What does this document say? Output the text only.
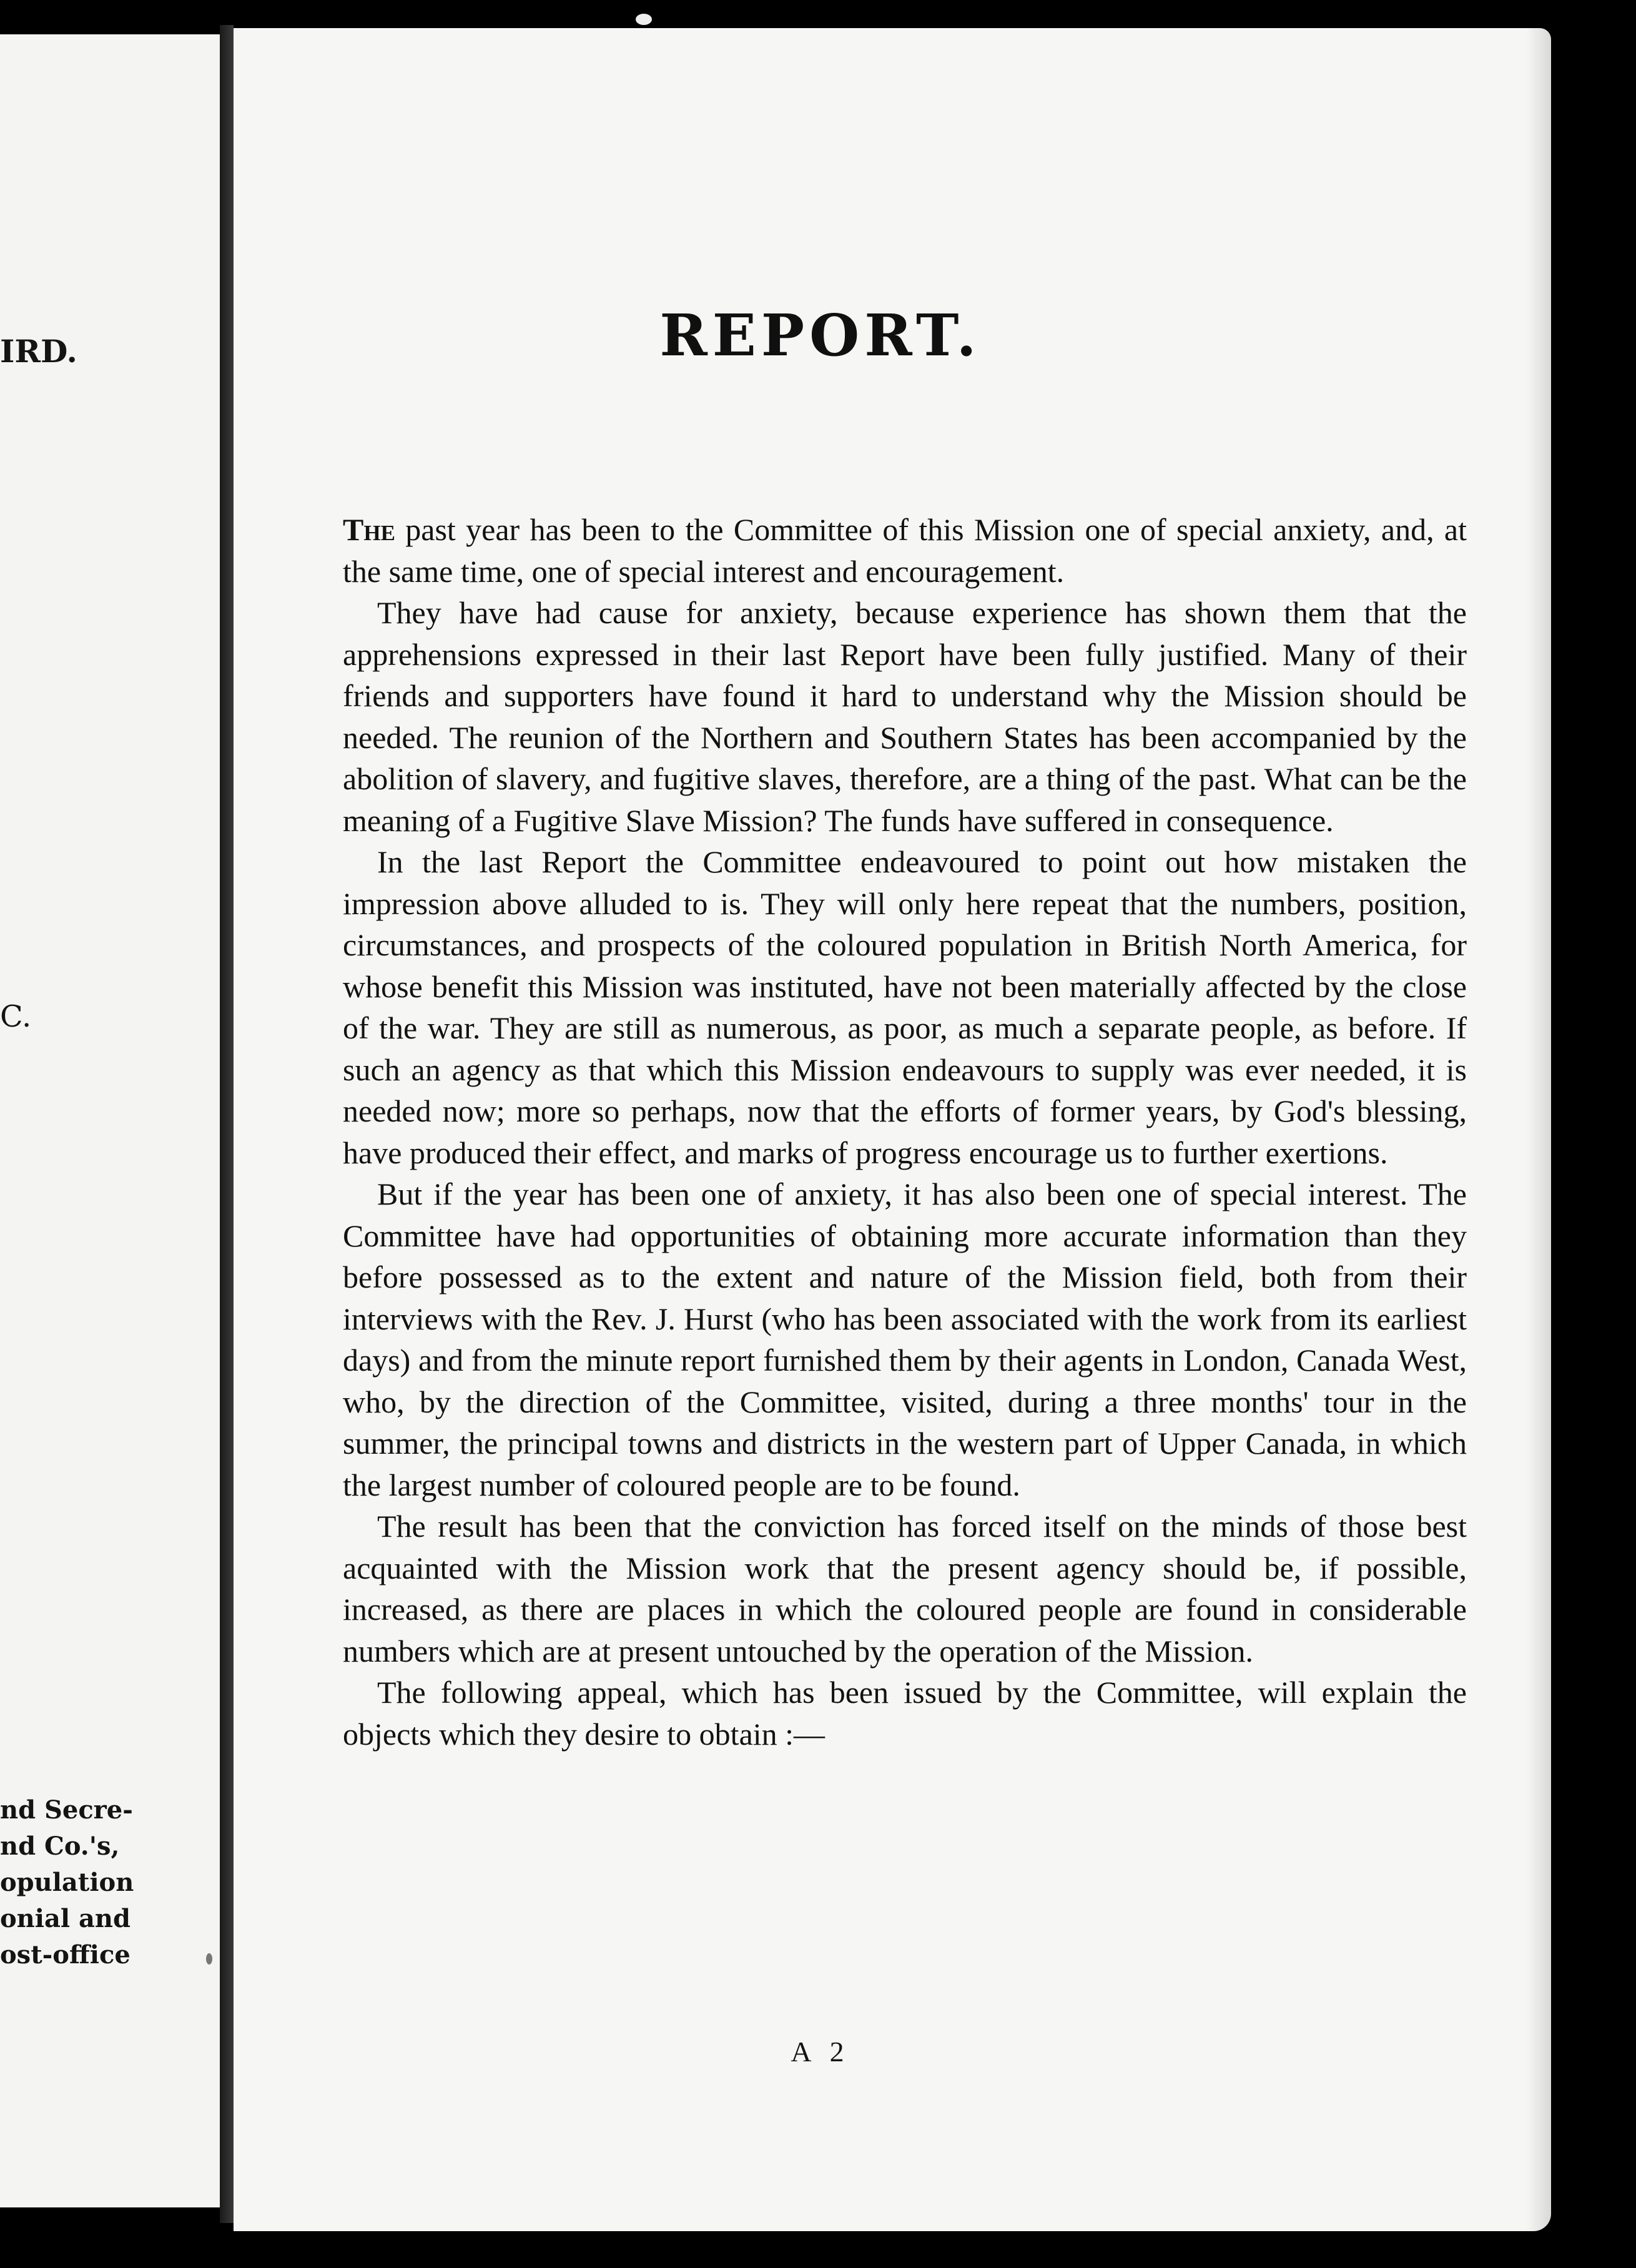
IRD.

C.

nd Secre-
nd Co.'s,
opulation
onial and
ost-office
REPORT.

The past year has been to the Committee of this Mission one of special anxiety, and, at the same time, one of special interest and encouragement.

They have had cause for anxiety, because experience has shown them that the apprehensions expressed in their last Report have been fully justified. Many of their friends and supporters have found it hard to understand why the Mission should be needed. The reunion of the Northern and Southern States has been accompanied by the abolition of slavery, and fugitive slaves, therefore, are a thing of the past. What can be the meaning of a Fugitive Slave Mission? The funds have suffered in consequence.

In the last Report the Committee endeavoured to point out how mistaken the impression above alluded to is. They will only here repeat that the numbers, position, circumstances, and prospects of the coloured population in British North America, for whose benefit this Mission was instituted, have not been materially affected by the close of the war. They are still as numerous, as poor, as much a separate people, as before. If such an agency as that which this Mission endeavours to supply was ever needed, it is needed now; more so perhaps, now that the efforts of former years, by God's blessing, have produced their effect, and marks of progress encourage us to further exertions.

But if the year has been one of anxiety, it has also been one of special interest. The Committee have had opportunities of obtaining more accurate information than they before possessed as to the extent and nature of the Mission field, both from their interviews with the Rev. J. Hurst (who has been associated with the work from its earliest days) and from the minute report furnished them by their agents in London, Canada West, who, by the direction of the Committee, visited, during a three months' tour in the summer, the principal towns and districts in the western part of Upper Canada, in which the largest number of coloured people are to be found.

The result has been that the conviction has forced itself on the minds of those best acquainted with the Mission work that the present agency should be, if possible, increased, as there are places in which the coloured people are found in considerable numbers which are at present untouched by the operation of the Mission.

The following appeal, which has been issued by the Committee, will explain the objects which they desire to obtain :—

A 2
